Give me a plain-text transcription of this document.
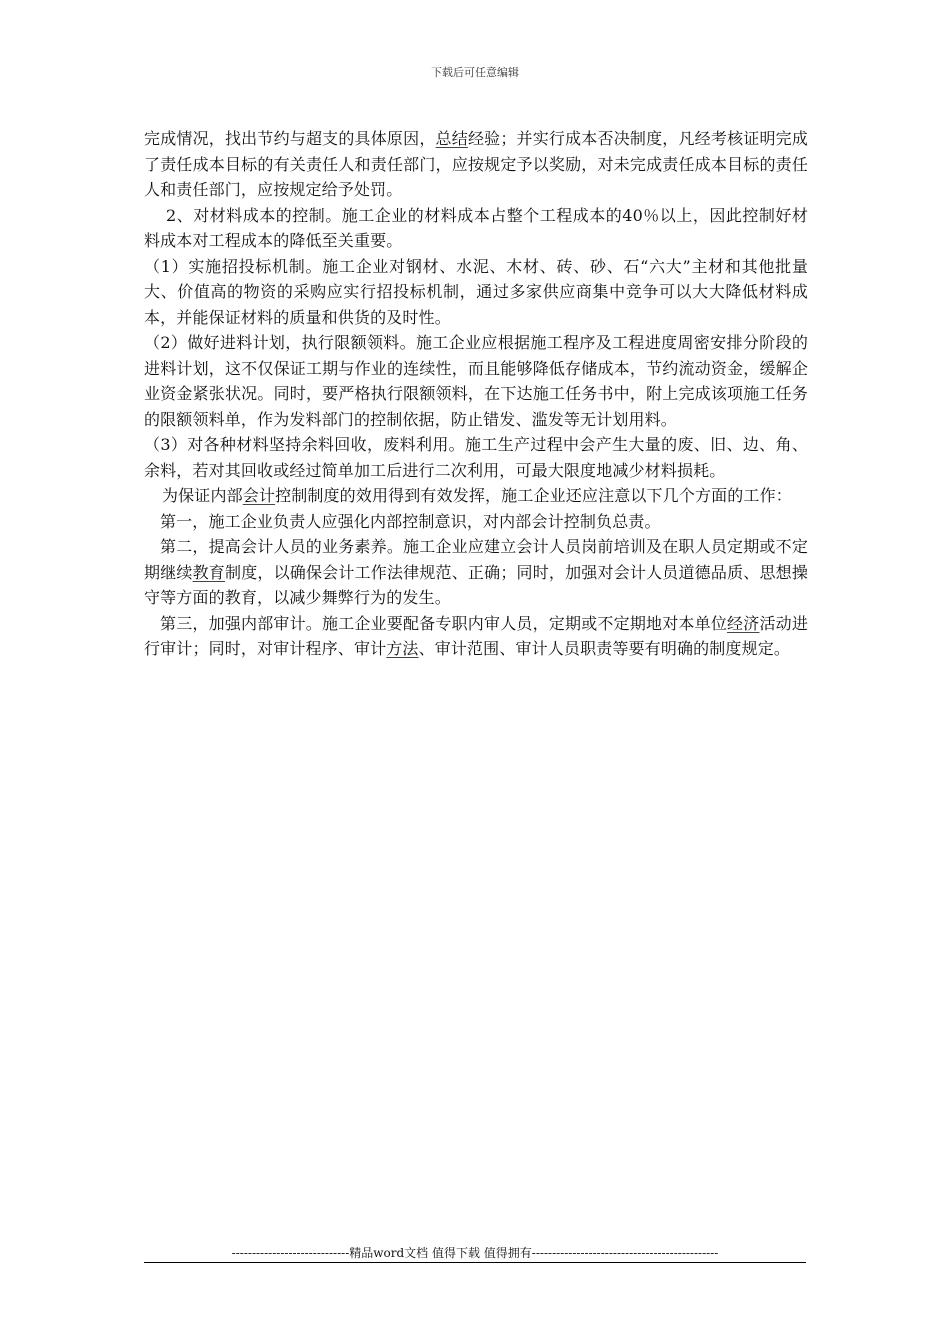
下载后可任意编辑

完成情况，找出节约与超支的具体原因，总结经验；并实行成本否决制度，凡经考核证明完成了责任成本目标的有关责任人和责任部门，应按规定予以奖励，对未完成责任成本目标的责任人和责任部门，应按规定给予处罚。

2、对材料成本的控制。施工企业的材料成本占整个工程成本的40％以上，因此控制好材料成本对工程成本的降低至关重要。

（1）实施招投标机制。施工企业对钢材、水泥、木材、砖、砂、石“六大”主材和其他批量大、价值高的物资的采购应实行招投标机制，通过多家供应商集中竞争可以大大降低材料成本，并能保证材料的质量和供货的及时性。

（2）做好进料计划，执行限额领料。施工企业应根据施工程序及工程进度周密安排分阶段的进料计划，这不仅保证工期与作业的连续性，而且能够降低存储成本，节约流动资金，缓解企业资金紧张状况。同时，要严格执行限额领料，在下达施工任务书中，附上完成该项施工任务的限额领料单，作为发料部门的控制依据，防止错发、滥发等无计划用料。

（3）对各种材料坚持余料回收，废料利用。施工生产过程中会产生大量的废、旧、边、角、余料，若对其回收或经过简单加工后进行二次利用，可最大限度地减少材料损耗。

为保证内部会计控制制度的效用得到有效发挥，施工企业还应注意以下几个方面的工作：

第一，施工企业负责人应强化内部控制意识，对内部会计控制负总责。

第二，提高会计人员的业务素养。施工企业应建立会计人员岗前培训及在职人员定期或不定期继续教育制度，以确保会计工作法律规范、正确；同时，加强对会计人员道德品质、思想操守等方面的教育，以减少舞弊行为的发生。

第三，加强内部审计。施工企业要配备专职内审人员，定期或不定期地对本单位经济活动进行审计；同时，对审计程序、审计方法、审计范围、审计人员职责等要有明确的制度规定。

-----------------------------精品word文档 值得下载 值得拥有----------------------------------------------
